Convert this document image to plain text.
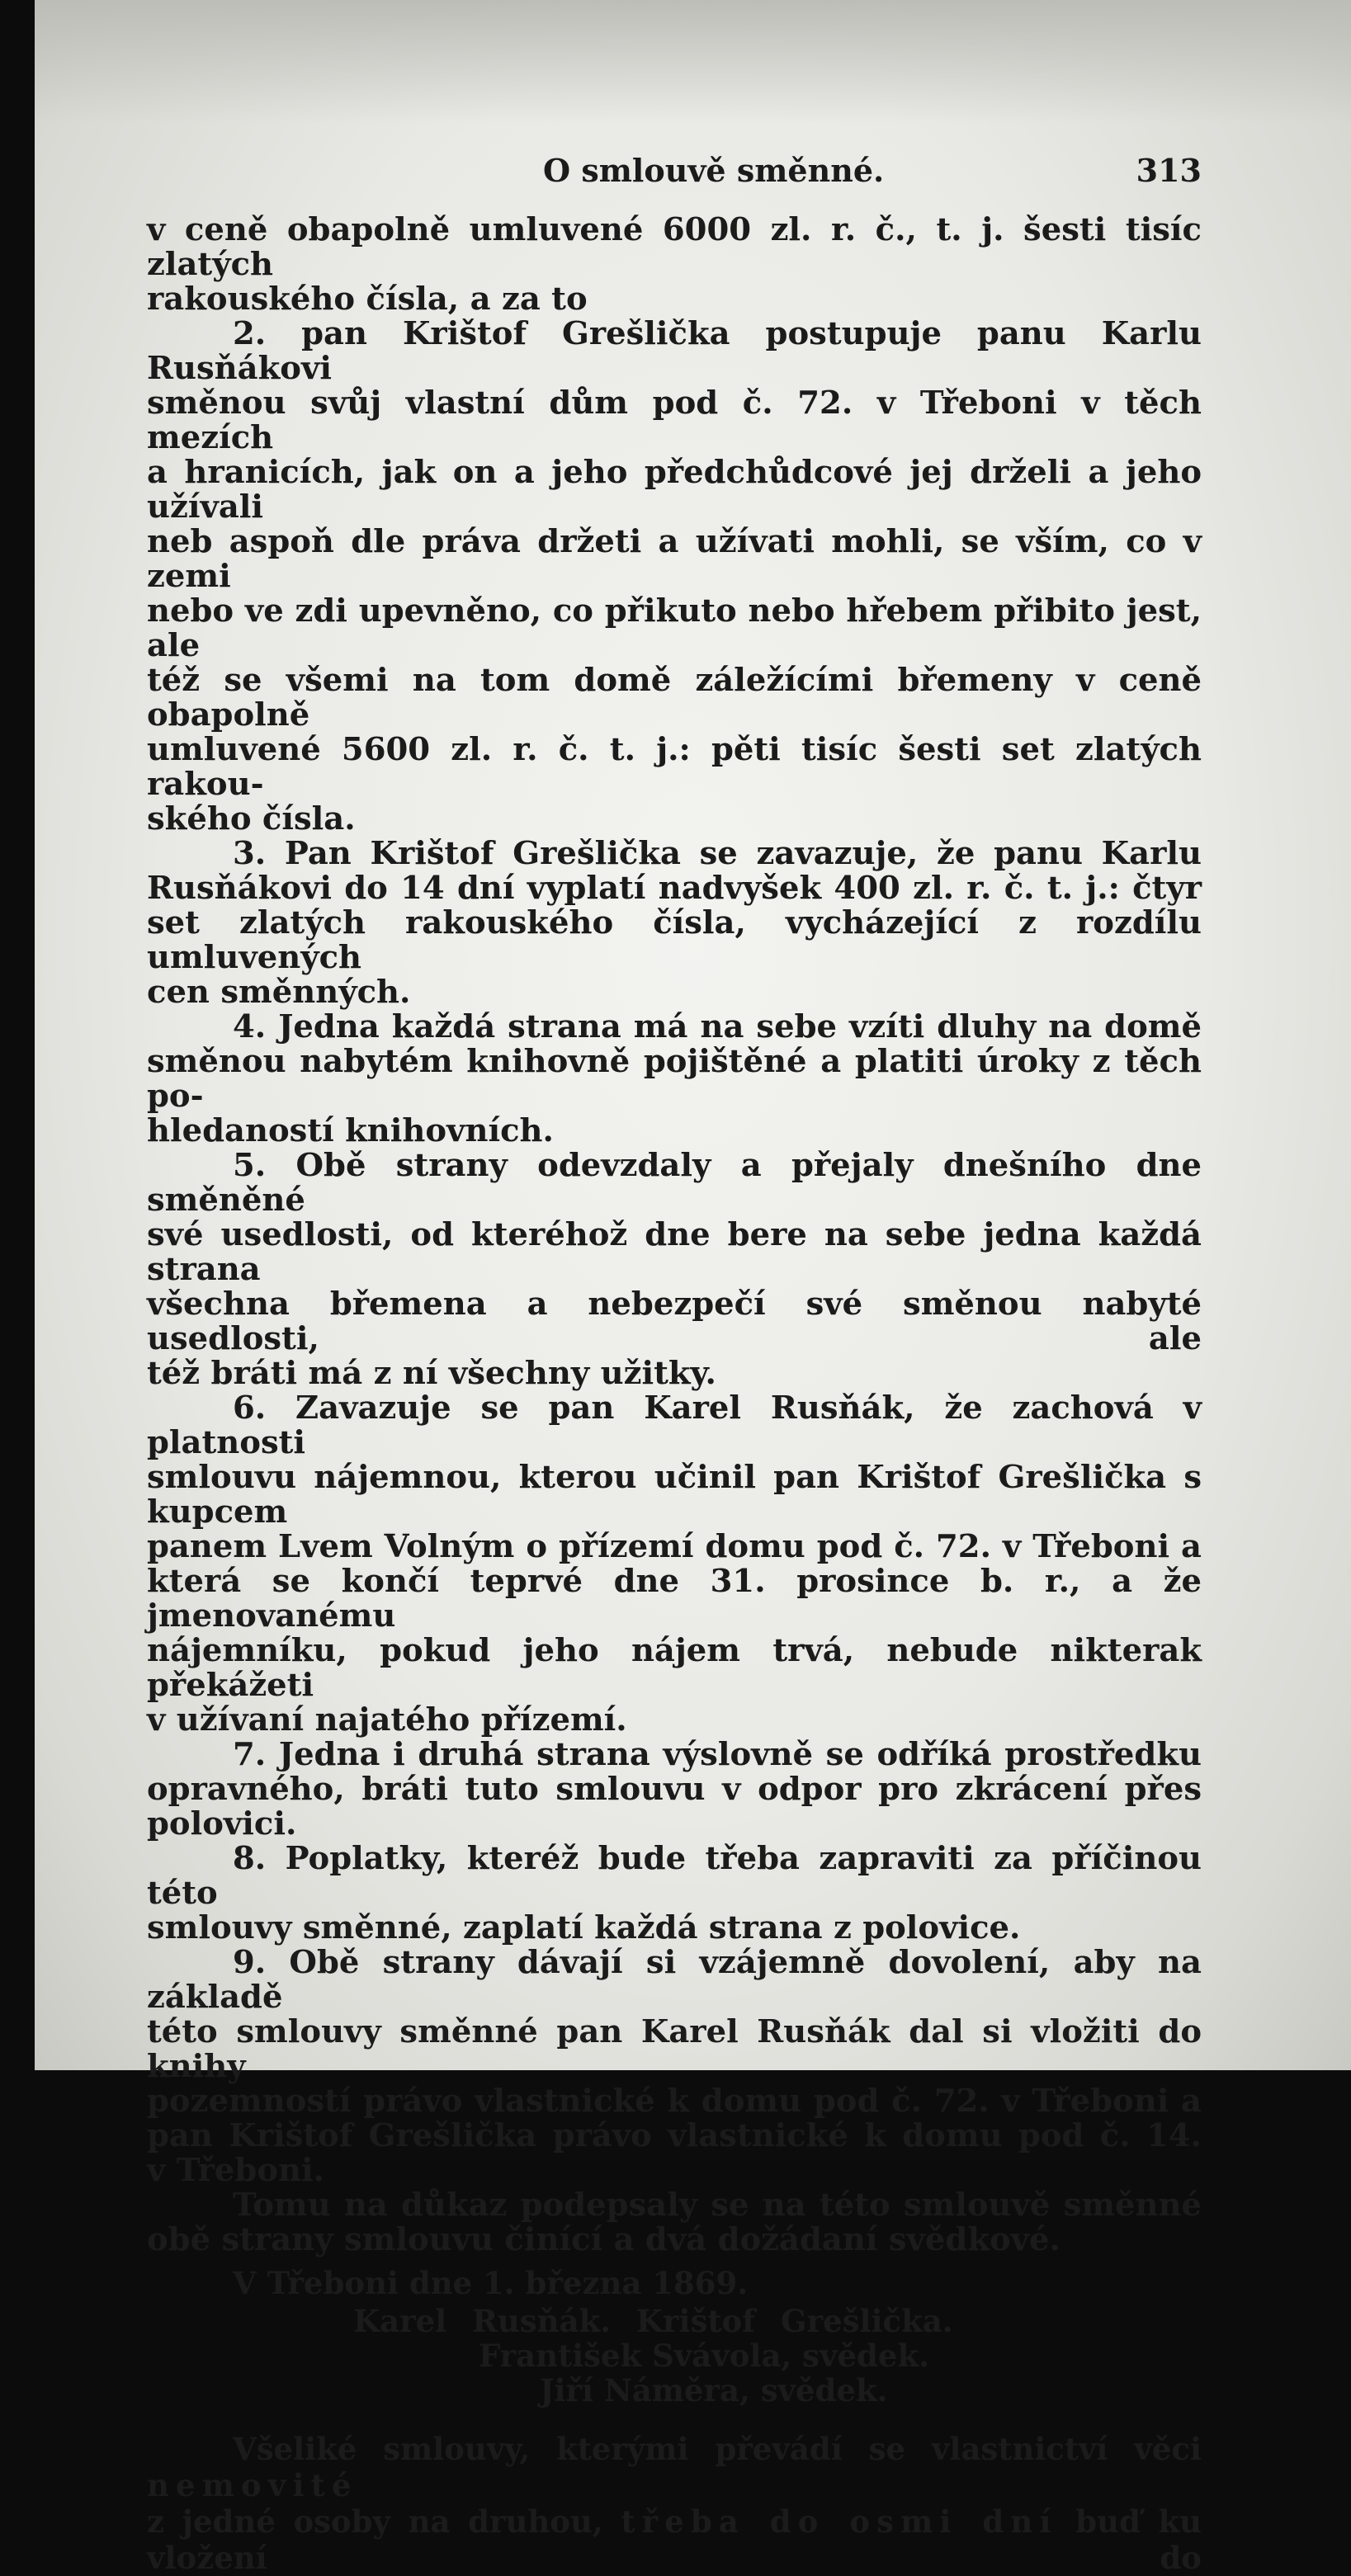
O smlouvě směnné.	313

v ceně obapolně umluvené 6000 zl. r. č., t. j. šesti tisíc zlatých

rakouského čísla, a za to

2. pan Krištof Grešlička postupuje panu Karlu Rusňákovi

směnou svůj vlastní dům pod č. 72. v Třeboni v těch mezích

a hranicích, jak on a jeho předchůdcové jej drželi a jeho užívali

neb aspoň dle práva držeti a užívati mohli, se vším, co v zemi

nebo ve zdi upevněno, co přikuto nebo hřebem přibito jest, ale

též se všemi na tom domě záležícími břemeny v ceně obapolně

umluvené 5600 zl. r. č. t. j.: pěti tisíc šesti set zlatých rakou-

ského čísla.

3. Pan Krištof Grešlička se zavazuje, že panu Karlu

Rusňákovi do 14 dní vyplatí nadvyšek 400 zl. r. č. t. j.: čtyr

set zlatých rakouského čísla, vycházející z rozdílu umluvených

cen směnných.

4. Jedna každá strana má na sebe vzíti dluhy na domě

směnou nabytém knihovně pojištěné a platiti úroky z těch po-

hledaností knihovních.

5. Obě strany odevzdaly a přejaly dnešního dne směněné

své usedlosti, od kteréhož dne bere na sebe jedna každá strana

všechna břemena a nebezpečí své směnou nabyté usedlosti, ale

též bráti má z ní všechny užitky.

6. Zavazuje se pan Karel Rusňák, že zachová v platnosti

smlouvu nájemnou, kterou učinil pan Krištof Grešlička s kupcem

panem Lvem Volným o přízemí domu pod č. 72. v Třeboni a

která se končí teprvé dne 31. prosince b. r., a že jmenovanému

nájemníku, pokud jeho nájem trvá, nebude nikterak překážeti

v užívaní najatého přízemí.

7. Jedna i druhá strana výslovně se odříká prostředku

opravného, bráti tuto smlouvu v odpor pro zkrácení přes

polovici.

8. Poplatky, kteréž bude třeba zapraviti za příčinou této

smlouvy směnné, zaplatí každá strana z polovice.

9. Obě strany dávají si vzájemně dovolení, aby na základě

této smlouvy směnné pan Karel Rusňák dal si vložiti do knihy

pozemností právo vlastnické k domu pod č. 72. v Třeboni a

pan Krištof Grešlička právo vlastnické k domu pod č. 14.

v Třeboni.

Tomu na důkaz podepsaly se na této smlouvě směnné

obě strany smlouvu činící a dvá dožádaní svědkové.

V Třeboni dne 1. března 1869.
Karel Rusňák. Krištof Grešlička.
František Svávola, svědek.
Jiří Náměra, svědek.

Všeliké smlouvy, kterými převádí se vlastnictví věci nemovité

z jedné osoby na druhou, třeba do osmi dní buď ku vložení do
